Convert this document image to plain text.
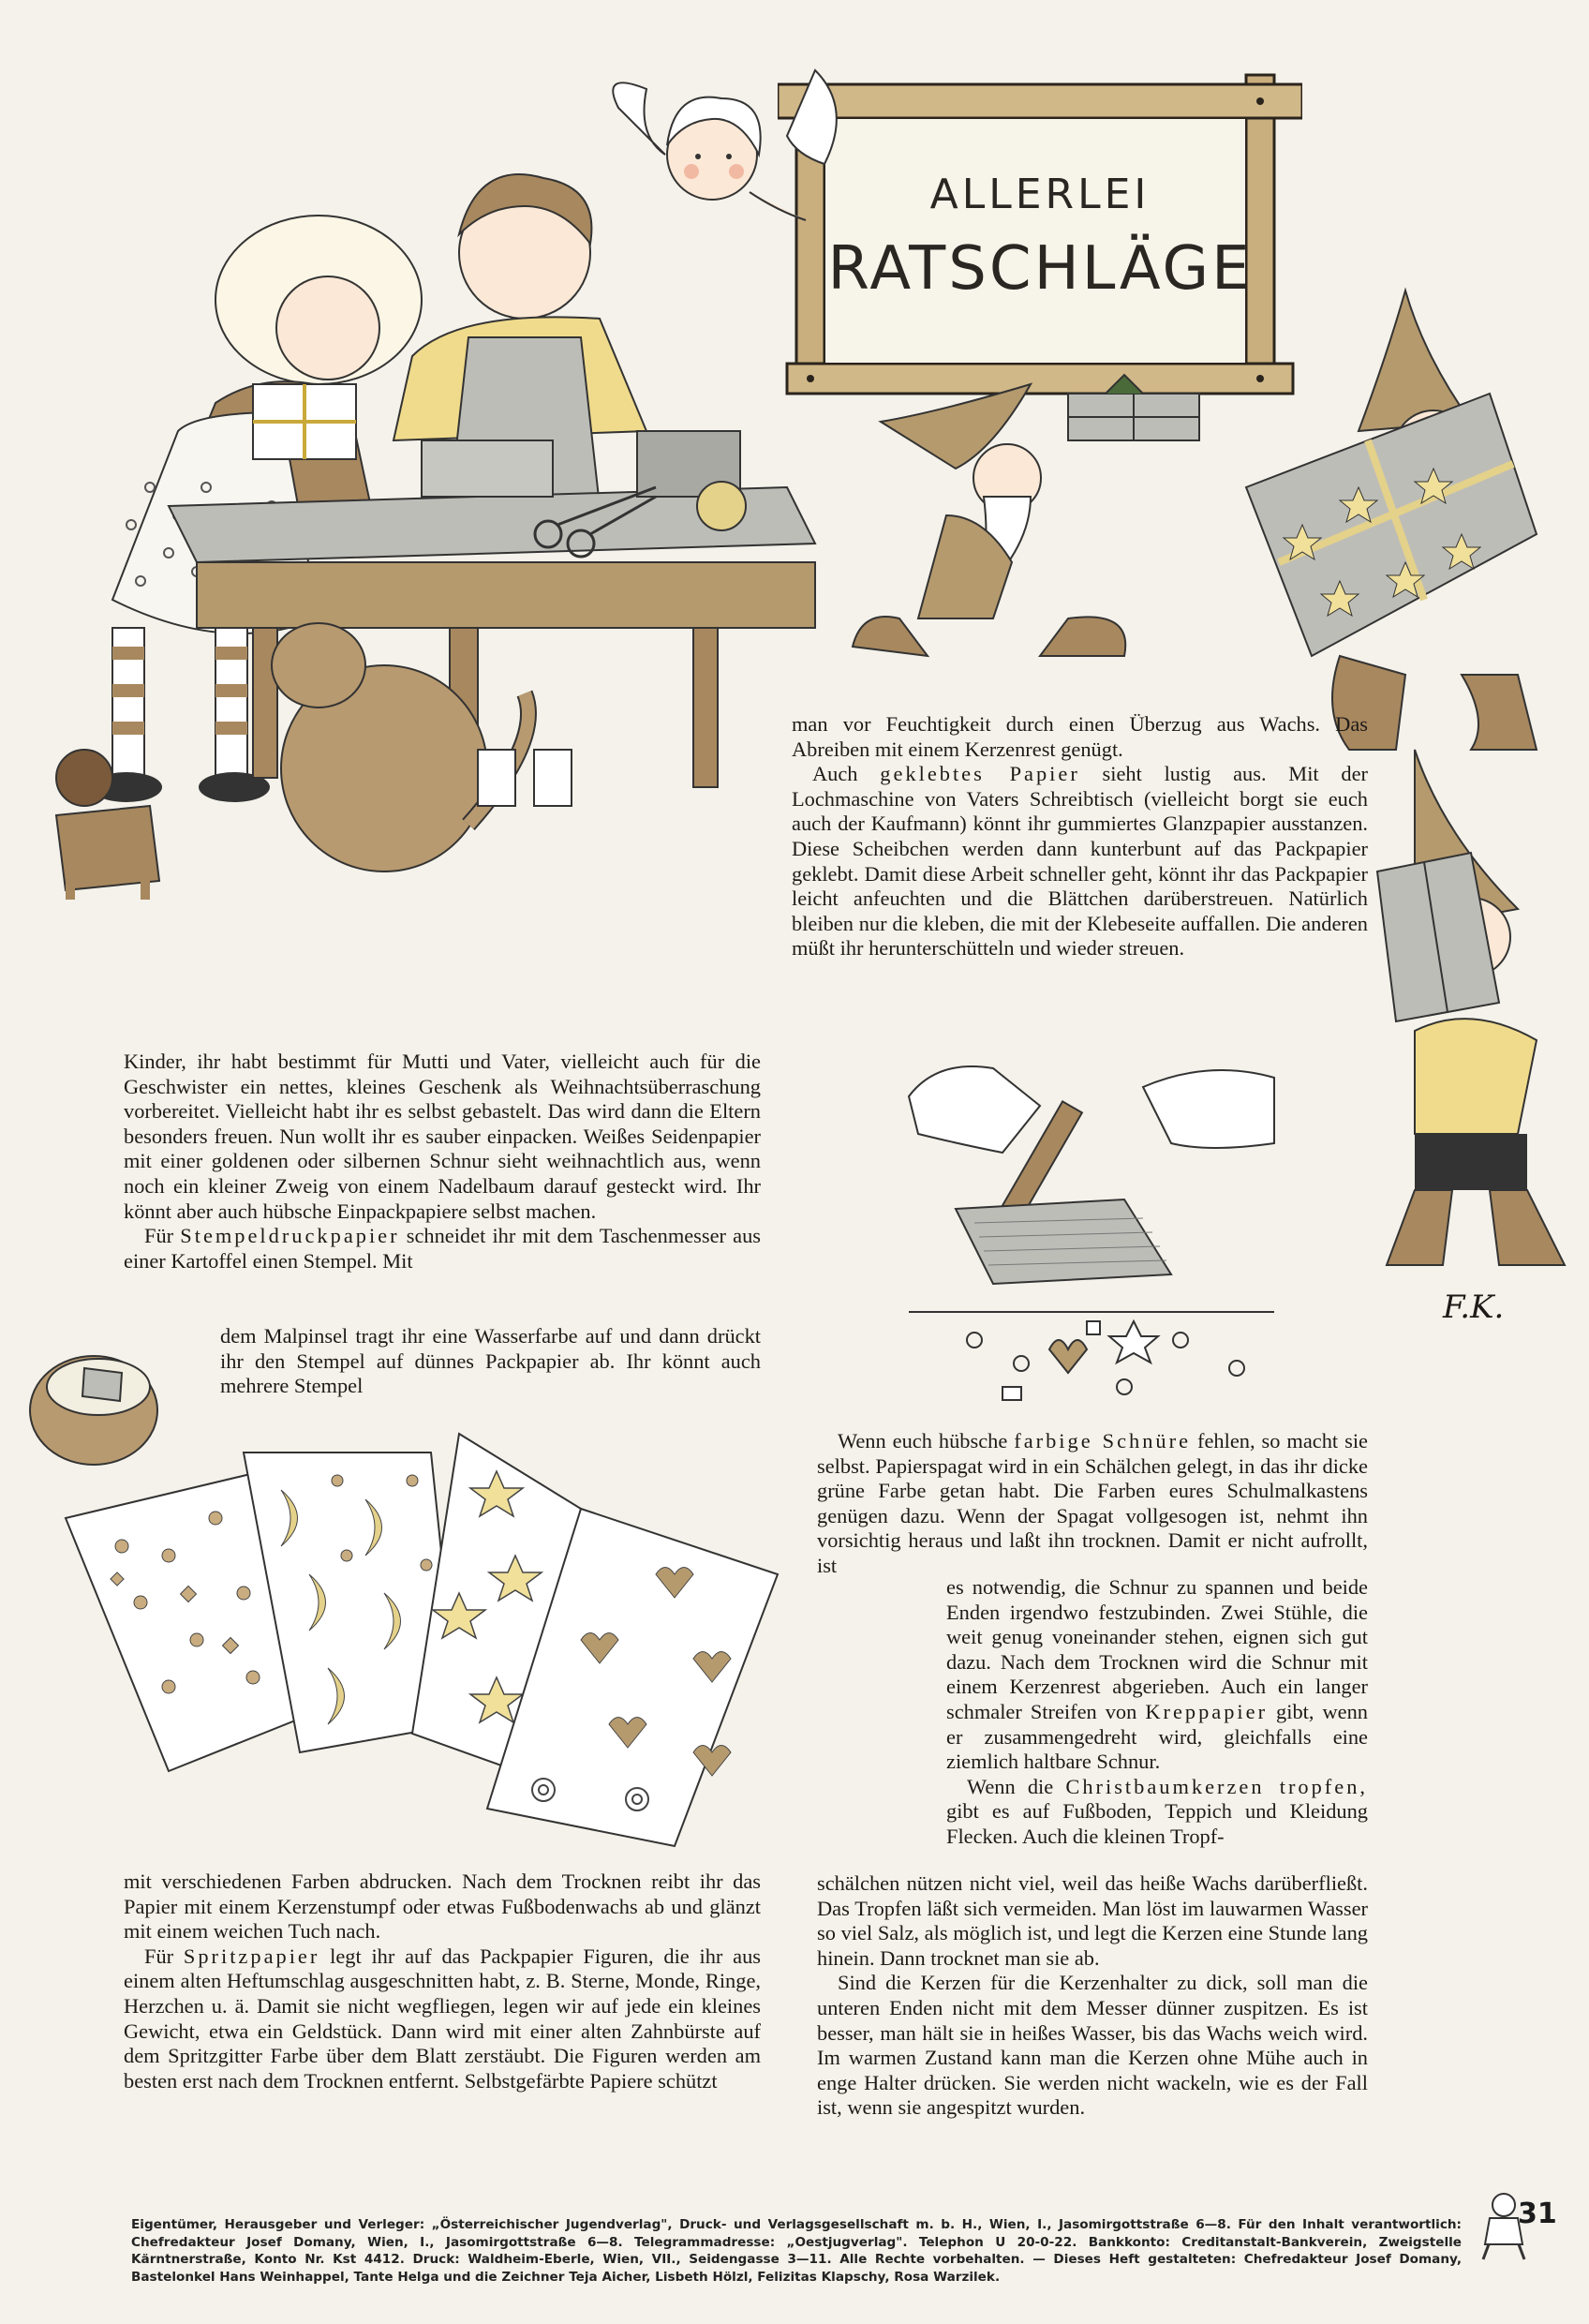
ALLERLEI
RATSCHLÄGE
F.K.

man vor Feuchtigkeit durch einen Überzug aus Wachs. Das Abreiben mit einem Kerzenrest genügt.

Auch geklebtes Papier sieht lustig aus. Mit der Lochmaschine von Vaters Schreibtisch (vielleicht borgt sie euch auch der Kaufmann) könnt ihr gummiertes Glanzpapier ausstanzen. Diese Scheibchen werden dann kunterbunt auf das Packpapier geklebt. Damit diese Arbeit schneller geht, könnt ihr das Packpapier leicht anfeuchten und die Blättchen darüberstreuen. Natürlich bleiben nur die kleben, die mit der Klebeseite auffallen. Die anderen müßt ihr herunterschütteln und wieder streuen.

Kinder, ihr habt bestimmt für Mutti und Vater, vielleicht auch für die Geschwister ein nettes, kleines Geschenk als Weihnachtsüberraschung vorbereitet. Vielleicht habt ihr es selbst gebastelt. Das wird dann die Eltern besonders freuen. Nun wollt ihr es sauber einpacken. Weißes Seidenpapier mit einer goldenen oder silbernen Schnur sieht weihnachtlich aus, wenn noch ein kleiner Zweig von einem Nadelbaum darauf gesteckt wird. Ihr könnt aber auch hübsche Einpackpapiere selbst machen.

Für Stempeldruckpapier schneidet ihr mit dem Taschenmesser aus einer Kartoffel einen Stempel. Mit

dem Malpinsel tragt ihr eine Wasserfarbe auf und dann drückt ihr den Stempel auf dünnes Packpapier ab. Ihr könnt auch mehrere Stempel

Wenn euch hübsche farbige Schnüre fehlen, so macht sie selbst. Papierspagat wird in ein Schälchen gelegt, in das ihr dicke grüne Farbe getan habt. Die Farben eures Schulmalkastens genügen dazu. Wenn der Spagat vollgesogen ist, nehmt ihn vorsichtig heraus und laßt ihn trocknen. Damit er nicht aufrollt, ist

es notwendig, die Schnur zu spannen und beide Enden irgendwo festzubinden. Zwei Stühle, die weit genug voneinander stehen, eignen sich gut dazu. Nach dem Trocknen wird die Schnur mit einem Kerzenrest abgerieben. Auch ein langer schmaler Streifen von Kreppapier gibt, wenn er zusammengedreht wird, gleichfalls eine ziemlich haltbare Schnur.

Wenn die Christbaumkerzen tropfen, gibt es auf Fußboden, Teppich und Kleidung Flecken. Auch die kleinen Tropf-

schälchen nützen nicht viel, weil das heiße Wachs darüberfließt. Das Tropfen läßt sich vermeiden. Man löst im lauwarmen Wasser so viel Salz, als möglich ist, und legt die Kerzen eine Stunde lang hinein. Dann trocknet man sie ab.

Sind die Kerzen für die Kerzenhalter zu dick, soll man die unteren Enden nicht mit dem Messer dünner zuspitzen. Es ist besser, man hält sie in heißes Wasser, bis das Wachs weich wird. Im warmen Zustand kann man die Kerzen ohne Mühe auch in enge Halter drücken. Sie werden nicht wackeln, wie es der Fall ist, wenn sie angespitzt wurden.

mit verschiedenen Farben abdrucken. Nach dem Trocknen reibt ihr das Papier mit einem Kerzenstumpf oder etwas Fußbodenwachs ab und glänzt mit einem weichen Tuch nach.

Für Spritzpapier legt ihr auf das Packpapier Figuren, die ihr aus einem alten Heftumschlag ausgeschnitten habt, z. B. Sterne, Monde, Ringe, Herzchen u. ä. Damit sie nicht wegfliegen, legen wir auf jede ein kleines Gewicht, etwa ein Geldstück. Dann wird mit einer alten Zahnbürste auf dem Spritzgitter Farbe über dem Blatt zerstäubt. Die Figuren werden am besten erst nach dem Trocknen entfernt. Selbstgefärbte Papiere schützt

Eigentümer, Herausgeber und Verleger: „Österreichischer Jugendverlag", Druck- und Verlagsgesellschaft m. b. H., Wien, I., Jasomirgottstraße 6—8. Für den Inhalt verantwortlich: Chefredakteur Josef Domany, Wien, I., Jasomirgottstraße 6—8. Telegrammadresse: „Oestjugverlag". Telephon U 20-0-22. Bankkonto: Creditanstalt-Bankverein, Zweigstelle Kärntnerstraße, Konto Nr. Kst 4412. Druck: Waldheim-Eberle, Wien, VII., Seidengasse 3—11. Alle Rechte vorbehalten. — Dieses Heft gestalteten: Chefredakteur Josef Domany, Bastelonkel Hans Weinhappel, Tante Helga und die Zeichner Teja Aicher, Lisbeth Hölzl, Felizitas Klapschy, Rosa Warzilek.

31
